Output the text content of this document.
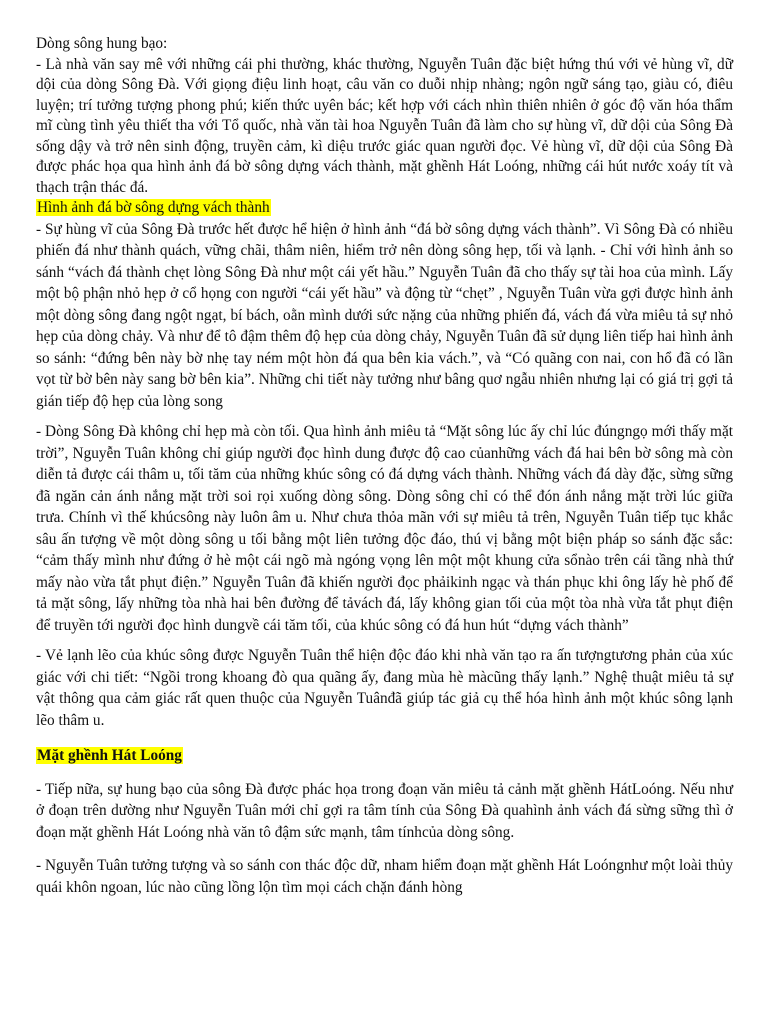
Dòng sông hung bạo:

- Là nhà văn say mê với những cái phi thường, khác thường, Nguyễn Tuân đặc biệt hứng thú với vẻ hùng vĩ, dữ dội của dòng Sông Đà. Với giọng điệu linh hoạt, câu văn co duỗi nhịp nhàng; ngôn ngữ sáng tạo, giàu có, điêu luyện; trí tưởng tượng phong phú; kiến thức uyên bác; kết hợp với cách nhìn thiên nhiên ở góc độ văn hóa thẩm mĩ cùng tình yêu thiết tha với Tổ quốc, nhà văn tài hoa Nguyễn Tuân đã làm cho sự hùng vĩ, dữ dội của Sông Đà sống dậy và trở nên sinh động, truyền cảm, kì diệu trước giác quan người đọc. Vẻ hùng vĩ, dữ dội của Sông Đà được phác họa qua hình ảnh đá bờ sông dựng vách thành, mặt ghềnh Hát Loóng, những cái hút nước xoáy tít và thạch trận thác đá.

Hình ảnh đá bờ sông dựng vách thành

- Sự hùng vĩ của Sông Đà trước hết được hể hiện ở hình ảnh “đá bờ sông dựng vách thành”. Vì Sông Đà có nhiều phiến đá như thành quách, vững chãi, thâm niên, hiểm trở nên dòng sông hẹp, tối và lạnh. - Chỉ với hình ảnh so sánh “vách đá thành chẹt lòng Sông Đà như một cái yết hầu.” Nguyễn Tuân đã cho thấy sự tài hoa của mình. Lấy một bộ phận nhỏ hẹp ở cổ họng con người “cái yết hầu” và động từ “chẹt” , Nguyễn Tuân vừa gợi được hình ảnh một dòng sông đang ngột ngạt, bí bách, oằn mình dưới sức nặng của những phiến đá, vách đá vừa miêu tả sự nhỏ hẹp của dòng chảy. Và như để tô đậm thêm độ hẹp của dòng chảy, Nguyễn Tuân đã sử dụng liên tiếp hai hình ảnh so sánh: “đứng bên này bờ nhẹ tay ném một hòn đá qua bên kia vách.”, và “Có quãng con nai, con hổ đã có lần vọt từ bờ bên này sang bờ bên kia”. Những chi tiết này tưởng như bâng quơ ngẫu nhiên nhưng lại có giá trị gợi tả gián tiếp độ hẹp của lòng song

- Dòng Sông Đà không chỉ hẹp mà còn tối. Qua hình ảnh miêu tả “Mặt sông lúc ấy chỉ lúc đúngngọ mới thấy mặt trời”, Nguyễn Tuân không chỉ giúp người đọc hình dung được độ cao củanhững vách đá hai bên bờ sông mà còn diễn tả được cái thâm u, tối tăm của những khúc sông có đá dựng vách thành. Những vách đá dày đặc, sừng sững đã ngăn cản ánh nắng mặt trời soi rọi xuống dòng sông. Dòng sông chỉ có thể đón ánh nắng mặt trời lúc giữa trưa. Chính vì thế khúcsông này luôn âm u. Như chưa thỏa mãn với sự miêu tả trên, Nguyễn Tuân tiếp tục khắc sâu ấn tượng về một dòng sông u tối bằng một liên tưởng độc đáo, thú vị bằng một biện pháp so sánh đặc sắc: “cảm thấy mình như đứng ở hè một cái ngõ mà ngóng vọng lên một một khung cửa sổnào trên cái tầng nhà thứ mấy nào vừa tắt phụt điện.” Nguyễn Tuân đã khiến người đọc phảikinh ngạc và thán phục khi ông lấy hè phố để tả mặt sông, lấy những tòa nhà hai bên đường để tảvách đá, lấy không gian tối của một tòa nhà vừa tắt phụt điện để truyền tới người đọc hình dungvề cái tăm tối, của khúc sông có đá hun hút “dựng vách thành”

- Vẻ lạnh lẽo của khúc sông được Nguyễn Tuân thể hiện độc đáo khi nhà văn tạo ra ấn tượngtương phản của xúc giác với chi tiết: “Ngồi trong khoang đò qua quãng ấy, đang mùa hè màcũng thấy lạnh.” Nghệ thuật miêu tả sự vật thông qua cảm giác rất quen thuộc của Nguyễn Tuânđã giúp tác giả cụ thể hóa hình ảnh một khúc sông lạnh lẽo thâm u.

Mặt ghềnh Hát Loóng

- Tiếp nữa, sự hung bạo của sông Đà được phác họa trong đoạn văn miêu tả cảnh mặt ghềnh HátLoóng. Nếu như ở đoạn trên dường như Nguyễn Tuân mới chỉ gợi ra tâm tính của Sông Đà quahình ảnh vách đá sừng sững thì ở đoạn mặt ghềnh Hát Loóng nhà văn tô đậm sức mạnh, tâm tínhcủa dòng sông.

- Nguyễn Tuân tưởng tượng và so sánh con thác độc dữ, nham hiểm đoạn mặt ghềnh Hát Loóngnhư một loài thủy quái khôn ngoan, lúc nào cũng lồng lộn tìm mọi cách chặn đánh hòng
